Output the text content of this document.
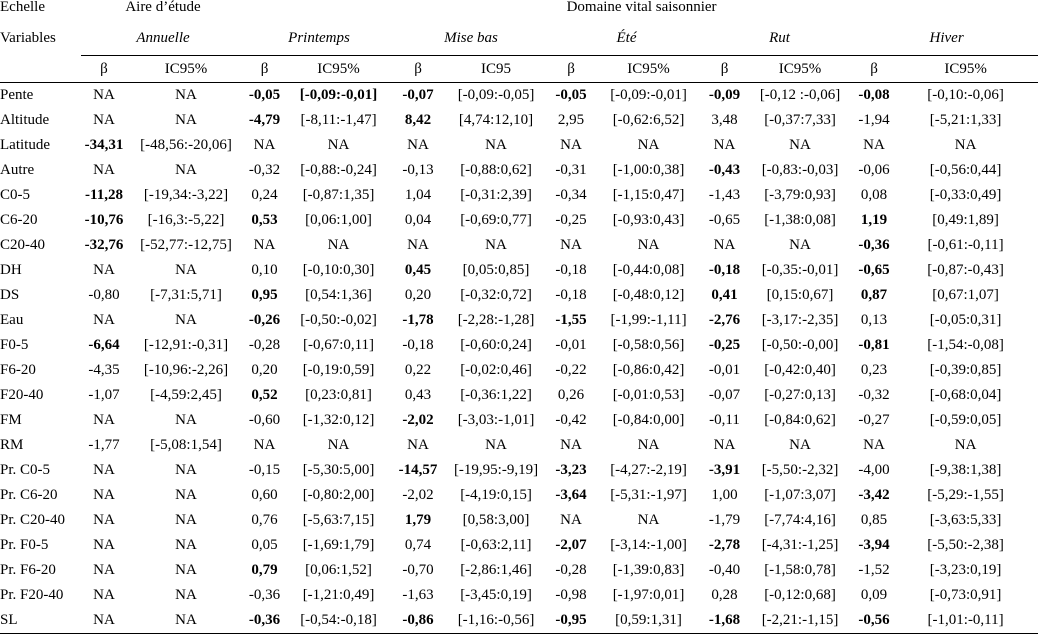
Echelle	Aire d’étude		Domaine vital saisonnier									
Variables	Annuelle		Printemps		Mise bas		Été		Rut		Hiver	
	β	IC95%	β	IC95%	β	IC95	β	IC95%	β	IC95%	β	IC95%
Pente	NA	NA	-0,05	[-0,09:-0,01]	-0,07	[-0,09:-0,05]	-0,05	[-0,09:-0,01]	-0,09	[-0,12 :-0,06]	-0,08	[-0,10:-0,06]
Altitude	NA	NA	-4,79	[-8,11:-1,47]	8,42	[4,74:12,10]	2,95	[-0,62:6,52]	3,48	[-0,37:7,33]	-1,94	[-5,21:1,33]
Latitude	-34,31	[-48,56:-20,06]	NA	NA	NA	NA	NA	NA	NA	NA	NA	NA
Autre	NA	NA	-0,32	[-0,88:-0,24]	-0,13	[-0,88:0,62]	-0,31	[-1,00:0,38]	-0,43	[-0,83:-0,03]	-0,06	[-0,56:0,44]
C0-5	-11,28	[-19,34:-3,22]	0,24	[-0,87:1,35]	1,04	[-0,31:2,39]	-0,34	[-1,15:0,47]	-1,43	[-3,79:0,93]	0,08	[-0,33:0,49]
C6-20	-10,76	[-16,3:-5,22]	0,53	[0,06:1,00]	0,04	[-0,69:0,77]	-0,25	[-0,93:0,43]	-0,65	[-1,38:0,08]	1,19	[0,49:1,89]
C20-40	-32,76	[-52,77:-12,75]	NA	NA	NA	NA	NA	NA	NA	NA	-0,36	[-0,61:-0,11]
DH	NA	NA	0,10	[-0,10:0,30]	0,45	[0,05:0,85]	-0,18	[-0,44:0,08]	-0,18	[-0,35:-0,01]	-0,65	[-0,87:-0,43]
DS	-0,80	[-7,31:5,71]	0,95	[0,54:1,36]	0,20	[-0,32:0,72]	-0,18	[-0,48:0,12]	0,41	[0,15:0,67]	0,87	[0,67:1,07]
Eau	NA	NA	-0,26	[-0,50:-0,02]	-1,78	[-2,28:-1,28]	-1,55	[-1,99:-1,11]	-2,76	[-3,17:-2,35]	0,13	[-0,05:0,31]
F0-5	-6,64	[-12,91:-0,31]	-0,28	[-0,67:0,11]	-0,18	[-0,60:0,24]	-0,01	[-0,58:0,56]	-0,25	[-0,50:-0,00]	-0,81	[-1,54:-0,08]
F6-20	-4,35	[-10,96:-2,26]	0,20	[-0,19:0,59]	0,22	[-0,02:0,46]	-0,22	[-0,86:0,42]	-0,01	[-0,42:0,40]	0,23	[-0,39:0,85]
F20-40	-1,07	[-4,59:2,45]	0,52	[0,23:0,81]	0,43	[-0,36:1,22]	0,26	[-0,01:0,53]	-0,07	[-0,27:0,13]	-0,32	[-0,68:0,04]
FM	NA	NA	-0,60	[-1,32:0,12]	-2,02	[-3,03:-1,01]	-0,42	[-0,84:0,00]	-0,11	[-0,84:0,62]	-0,27	[-0,59:0,05]
RM	-1,77	[-5,08:1,54]	NA	NA	NA	NA	NA	NA	NA	NA	NA	NA
Pr. C0-5	NA	NA	-0,15	[-5,30:5,00]	-14,57	[-19,95:-9,19]	-3,23	[-4,27:-2,19]	-3,91	[-5,50:-2,32]	-4,00	[-9,38:1,38]
Pr. C6-20	NA	NA	0,60	[-0,80:2,00]	-2,02	[-4,19:0,15]	-3,64	[-5,31:-1,97]	1,00	[-1,07:3,07]	-3,42	[-5,29:-1,55]
Pr. C20-40	NA	NA	0,76	[-5,63:7,15]	1,79	[0,58:3,00]	NA	NA	-1,79	[-7,74:4,16]	0,85	[-3,63:5,33]
Pr. F0-5	NA	NA	0,05	[-1,69:1,79]	0,74	[-0,63:2,11]	-2,07	[-3,14:-1,00]	-2,78	[-4,31:-1,25]	-3,94	[-5,50:-2,38]
Pr. F6-20	NA	NA	0,79	[0,06:1,52]	-0,70	[-2,86:1,46]	-0,28	[-1,39:0,83]	-0,40	[-1,58:0,78]	-1,52	[-3,23:0,19]
Pr. F20-40	NA	NA	-0,36	[-1,21:0,49]	-1,63	[-3,45:0,19]	-0,98	[-1,97:0,01]	0,28	[-0,12:0,68]	0,09	[-0,73:0,91]
SL	NA	NA	-0,36	[-0,54:-0,18]	-0,86	[-1,16:-0,56]	-0,95	[0,59:1,31]	-1,68	[-2,21:-1,15]	-0,56	[-1,01:-0,11]
